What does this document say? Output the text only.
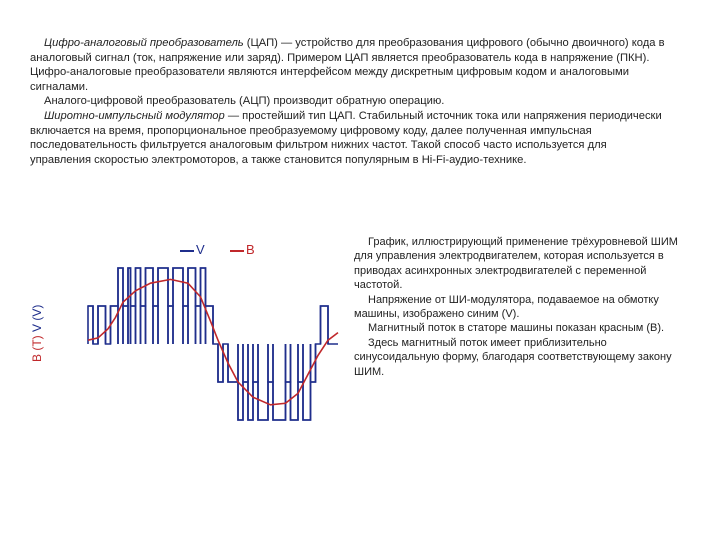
Цифро-аналоговый преобразователь (ЦАП) — устройство для преобразования цифрового (обычно двоичного) кода в аналоговый сигнал (ток, напряжение или заряд). Примером ЦАП является преобразователь кода в напряжение (ПКН). Цифро-аналоговые преобразователи являются интерфейсом между дискретным цифровым кодом и аналоговыми сигналами.

Аналого-цифровой преобразователь (АЦП) производит обратную операцию.

Широтно-импульсный модулятор — простейший тип ЦАП. Стабильный источник тока или напряжения периодически включается на время, пропорциональное преобразуемому цифровому коду, далее полученная импульсная последовательность фильтруется аналоговым фильтром нижних частот. Такой способ часто используется для управления скоростью электромоторов, а также становится популярным в Hi-Fi-аудио-технике.

V	B
B (T) V (V)

График, иллюстрирующий применение трёхуровневой ШИМ для управления электродвигателем, которая используется в приводах асинхронных электродвигателей с переменной частотой.

Напряжение от ШИ-модулятора, подаваемое на обмотку машины, изображено синим (V).

Магнитный поток в статоре машины показан красным (B).

Здесь магнитный поток имеет приблизительно синусоидальную форму, благодаря соответствующему закону ШИМ.
